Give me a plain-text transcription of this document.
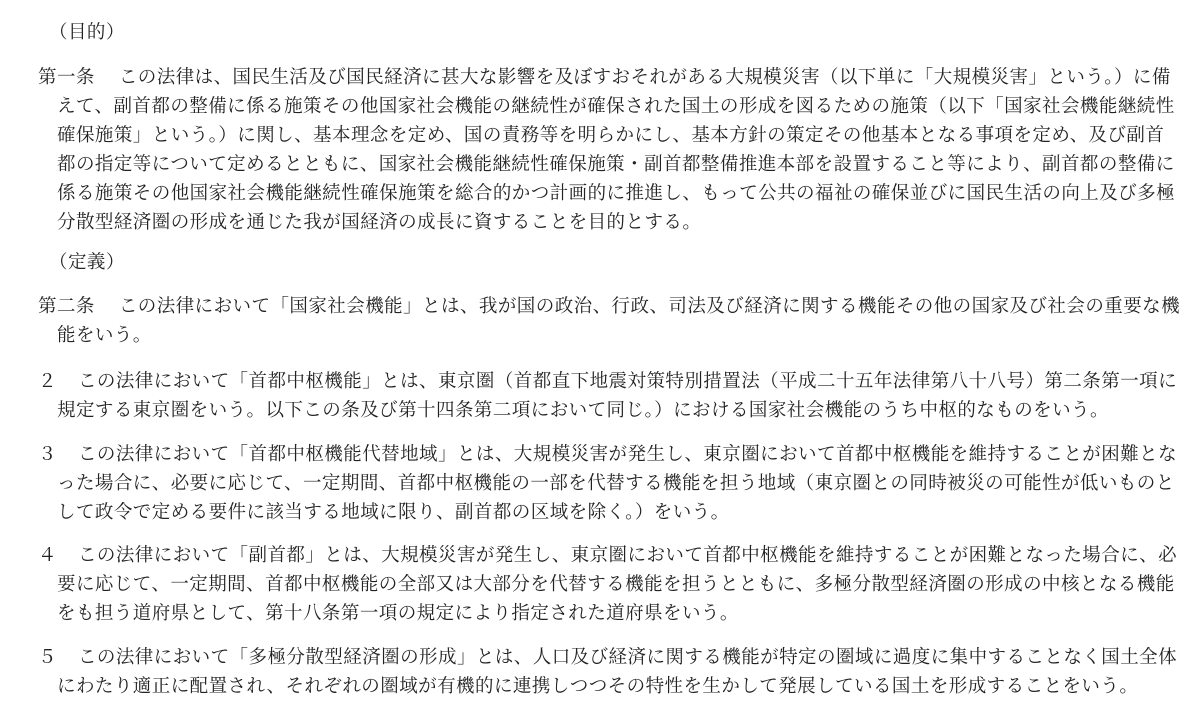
（目的）
第一条 この法律は、国民生活及び国民経済に甚大な影響を及ぼすおそれがある大規模災害（以下単に「大規模災害」という。）に備
えて、副首都の整備に係る施策その他国家社会機能の継続性が確保された国土の形成を図るための施策（以下「国家社会機能継続性
確保施策」という。）に関し、基本理念を定め、国の責務等を明らかにし、基本方針の策定その他基本となる事項を定め、及び副首
都の指定等について定めるとともに、国家社会機能継続性確保施策・副首都整備推進本部を設置すること等により、副首都の整備に
係る施策その他国家社会機能継続性確保施策を総合的かつ計画的に推進し、もって公共の福祉の確保並びに国民生活の向上及び多極
分散型経済圏の形成を通じた我が国経済の成長に資することを目的とする。
（定義）
第二条 この法律において「国家社会機能」とは、我が国の政治、行政、司法及び経済に関する機能その他の国家及び社会の重要な機
能をいう。
２ この法律において「首都中枢機能」とは、東京圏（首都直下地震対策特別措置法（平成二十五年法律第八十八号）第二条第一項に
規定する東京圏をいう。以下この条及び第十四条第二項において同じ。）における国家社会機能のうち中枢的なものをいう。
３ この法律において「首都中枢機能代替地域」とは、大規模災害が発生し、東京圏において首都中枢機能を維持することが困難とな
った場合に、必要に応じて、一定期間、首都中枢機能の一部を代替する機能を担う地域（東京圏との同時被災の可能性が低いものと
して政令で定める要件に該当する地域に限り、副首都の区域を除く。）をいう。
４ この法律において「副首都」とは、大規模災害が発生し、東京圏において首都中枢機能を維持することが困難となった場合に、必
要に応じて、一定期間、首都中枢機能の全部又は大部分を代替する機能を担うとともに、多極分散型経済圏の形成の中核となる機能
をも担う道府県として、第十八条第一項の規定により指定された道府県をいう。
５ この法律において「多極分散型経済圏の形成」とは、人口及び経済に関する機能が特定の圏域に過度に集中することなく国土全体
にわたり適正に配置され、それぞれの圏域が有機的に連携しつつその特性を生かして発展している国土を形成することをいう。
